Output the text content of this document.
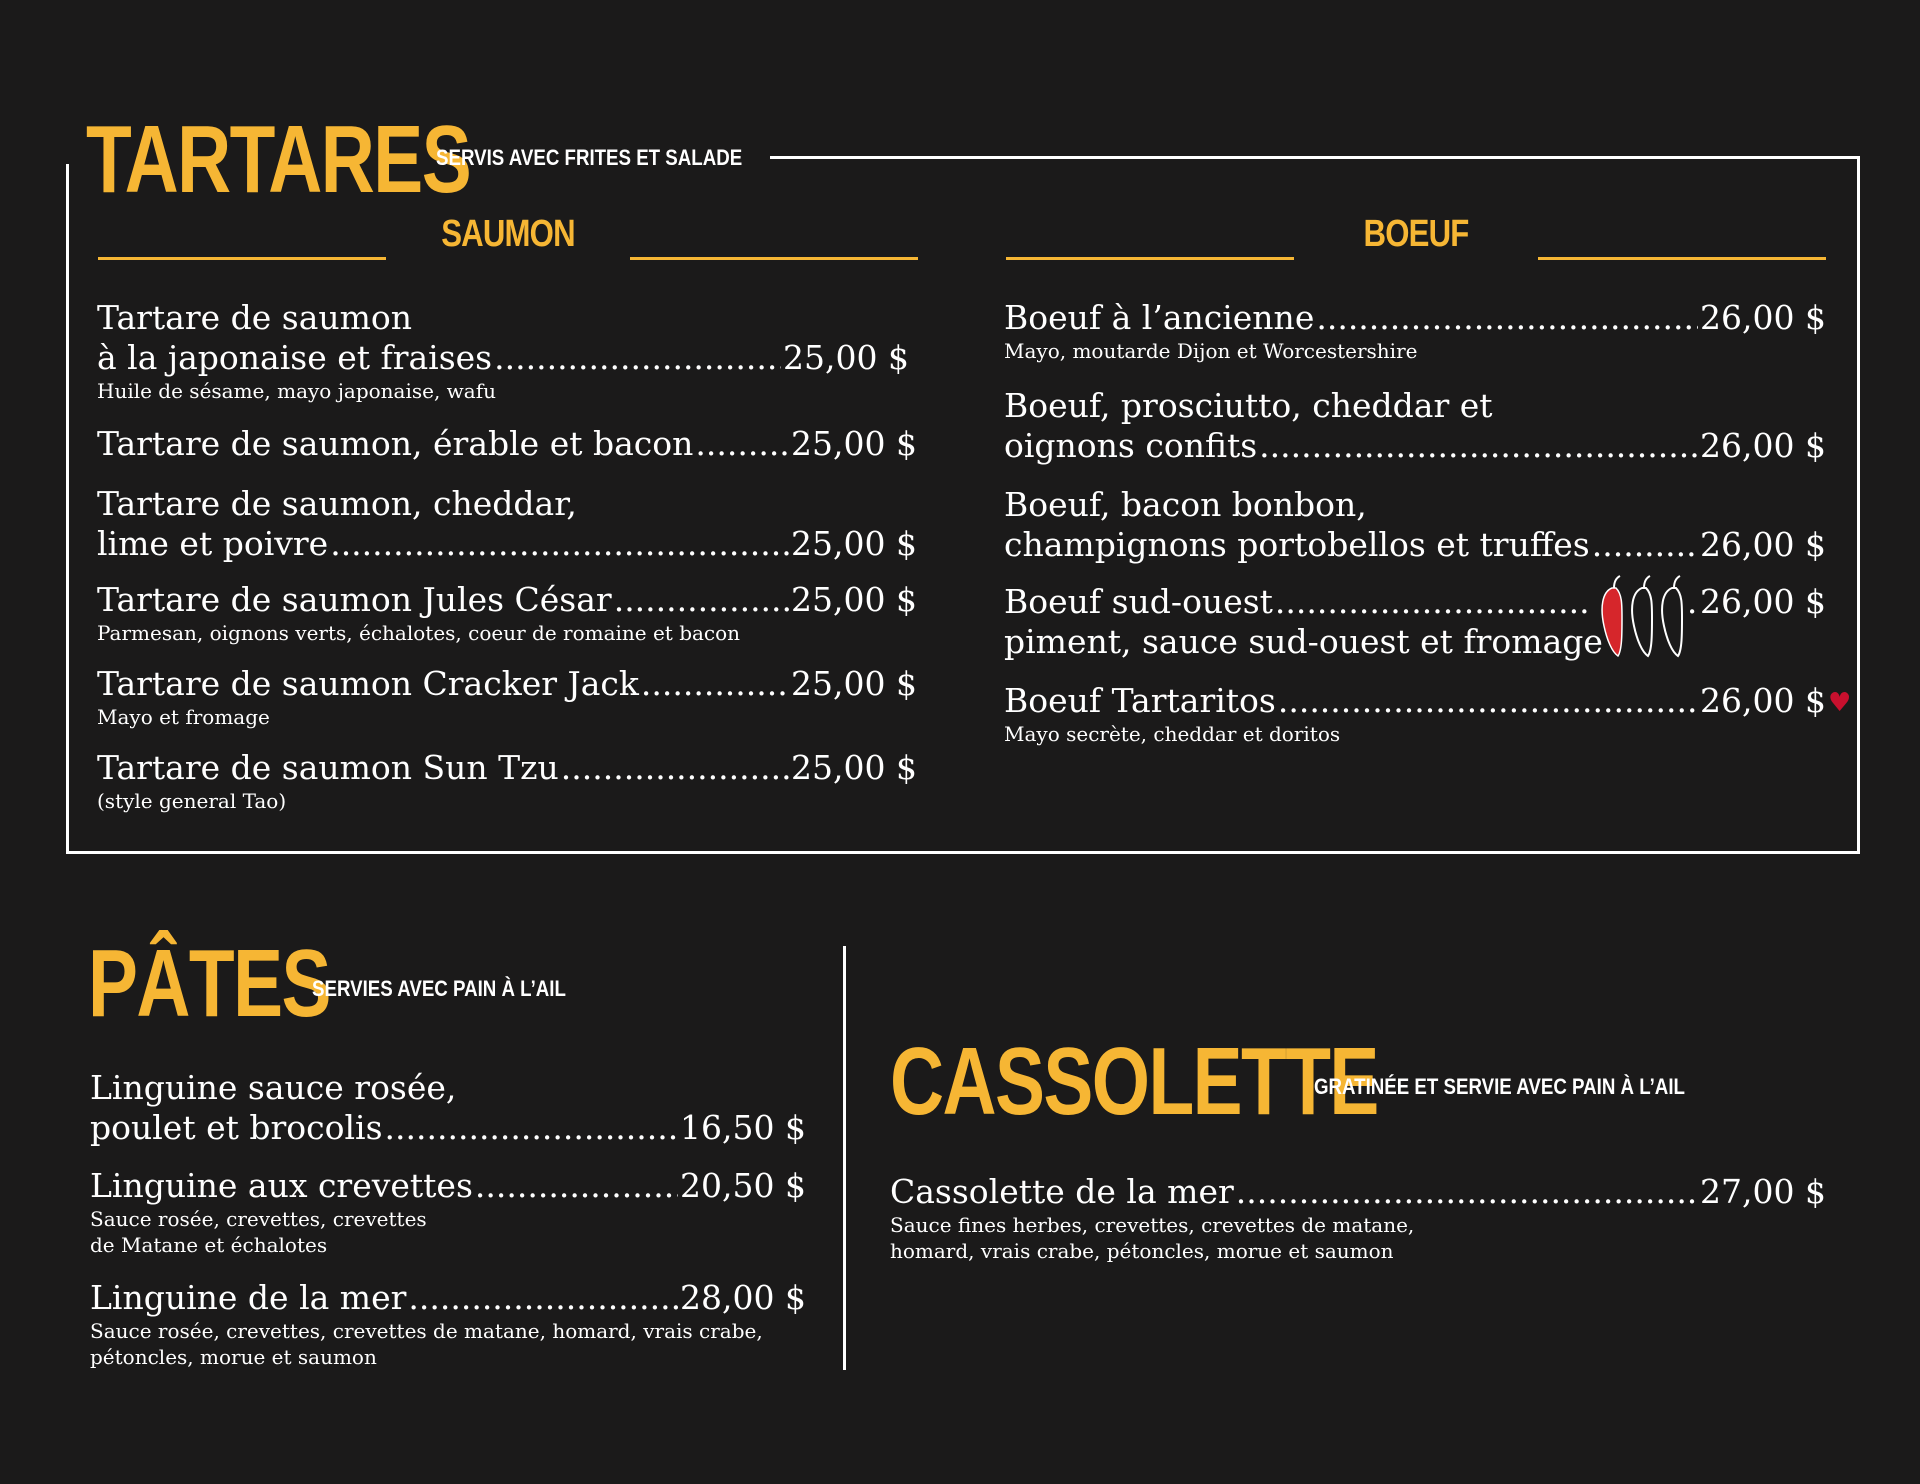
TARTARES
SERVIS AVEC FRITES ET SALADE
SAUMON	BOEUF
Tartare de saumon
à la japonaise et fraises .....	25,00 $
Huile de sésame, mayo japonaise, wafu
Tartare de saumon, érable et bacon .....	25,00 $
Tartare de saumon, cheddar,
lime et poivre .....	25,00 $
Tartare de saumon Jules César .....	25,00 $
Parmesan, oignons verts, échalotes, coeur de romaine et bacon
Tartare de saumon Cracker Jack .....	25,00 $
Mayo et fromage
Tartare de saumon Sun Tzu .....	25,00 $
(style general Tao)
Boeuf à l’ancienne .....	26,00 $
Mayo, moutarde Dijon et Worcestershire
Boeuf, prosciutto, cheddar et
oignons confits .....	26,00 $
Boeuf, bacon bonbon,
champignons portobellos et truffes .....	26,00 $
Boeuf sud-ouest ..... .....	26,00 $
piment, sauce sud-ouest et fromage
Boeuf Tartaritos .....	26,00 $
Mayo secrète, cheddar et doritos
♥
PÂTES
SERVIES AVEC PAIN À L’AIL
Linguine sauce rosée,
poulet et brocolis .....	16,50 $
Linguine aux crevettes .....	20,50 $
Sauce rosée, crevettes, crevettes
de Matane et échalotes
Linguine de la mer .....	28,00 $
Sauce rosée, crevettes, crevettes de matane, homard, vrais crabe,
pétoncles, morue et saumon
CASSOLETTE
GRATINÉE ET SERVIE AVEC PAIN À L’AIL
Cassolette de la mer .....	27,00 $
Sauce fines herbes, crevettes, crevettes de matane,
homard, vrais crabe, pétoncles, morue et saumon
